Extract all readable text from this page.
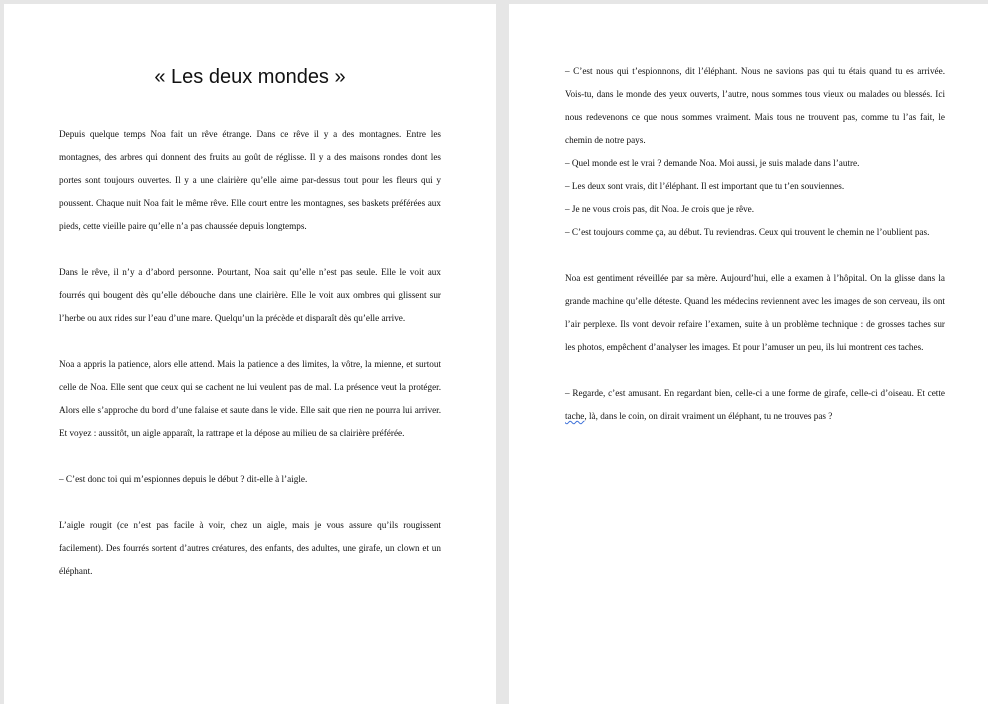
« Les deux mondes »

Depuis quelque temps Noa fait un rêve étrange. Dans ce rêve il y a des montagnes. Entre les montagnes, des arbres qui donnent des fruits au goût de réglisse. Il y a des maisons rondes dont les portes sont toujours ouvertes. Il y a une clairière qu’elle aime par-dessus tout pour les fleurs qui y poussent. Chaque nuit Noa fait le même rêve. Elle court entre les montagnes, ses baskets préférées aux pieds, cette vieille paire qu’elle n’a pas chaussée depuis longtemps.

Dans le rêve, il n’y a d’abord personne. Pourtant, Noa sait qu’elle n’est pas seule. Elle le voit aux fourrés qui bougent dès qu’elle débouche dans une clairière. Elle le voit aux ombres qui glissent sur l’herbe ou aux rides sur l’eau d’une mare. Quelqu’un la précède et disparaît dès qu’elle arrive.

Noa a appris la patience, alors elle attend. Mais la patience a des limites, la vôtre, la mienne, et surtout celle de Noa. Elle sent que ceux qui se cachent ne lui veulent pas de mal. La présence veut la protéger. Alors elle s’approche du bord d’une falaise et saute dans le vide. Elle sait que rien ne pourra lui arriver. Et voyez : aussitôt, un aigle apparaît, la rattrape et la dépose au milieu de sa clairière préférée.

– C’est donc toi qui m’espionnes depuis le début ? dit-elle à l’aigle.

L’aigle rougit (ce n’est pas facile à voir, chez un aigle, mais je vous assure qu’ils rougissent facilement). Des fourrés sortent d’autres créatures, des enfants, des adultes, une girafe, un clown et un éléphant.

– C’est nous qui t’espionnons, dit l’éléphant. Nous ne savions pas qui tu étais quand tu es arrivée. Vois-tu, dans le monde des yeux ouverts, l’autre, nous sommes tous vieux ou malades ou blessés. Ici nous redevenons ce que nous sommes vraiment. Mais tous ne trouvent pas, comme tu l’as fait, le chemin de notre pays.

– Quel monde est le vrai ? demande Noa. Moi aussi, je suis malade dans l’autre.

– Les deux sont vrais, dit l’éléphant. Il est important que tu t’en souviennes.

– Je ne vous crois pas, dit Noa. Je crois que je rêve.

– C’est toujours comme ça, au début. Tu reviendras. Ceux qui trouvent le chemin ne l’oublient pas.

Noa est gentiment réveillée par sa mère. Aujourd’hui, elle a examen à l’hôpital. On la glisse dans la grande machine qu’elle déteste. Quand les médecins reviennent avec les images de son cerveau, ils ont l’air perplexe. Ils vont devoir refaire l’examen, suite à un problème technique : de grosses taches sur les photos, empêchent d’analyser les images. Et pour l’amuser un peu, ils lui montrent ces taches.

– Regarde, c’est amusant. En regardant bien, celle-ci a une forme de girafe, celle-ci d’oiseau. Et cette tache, là, dans le coin, on dirait vraiment un éléphant, tu ne trouves pas ?
